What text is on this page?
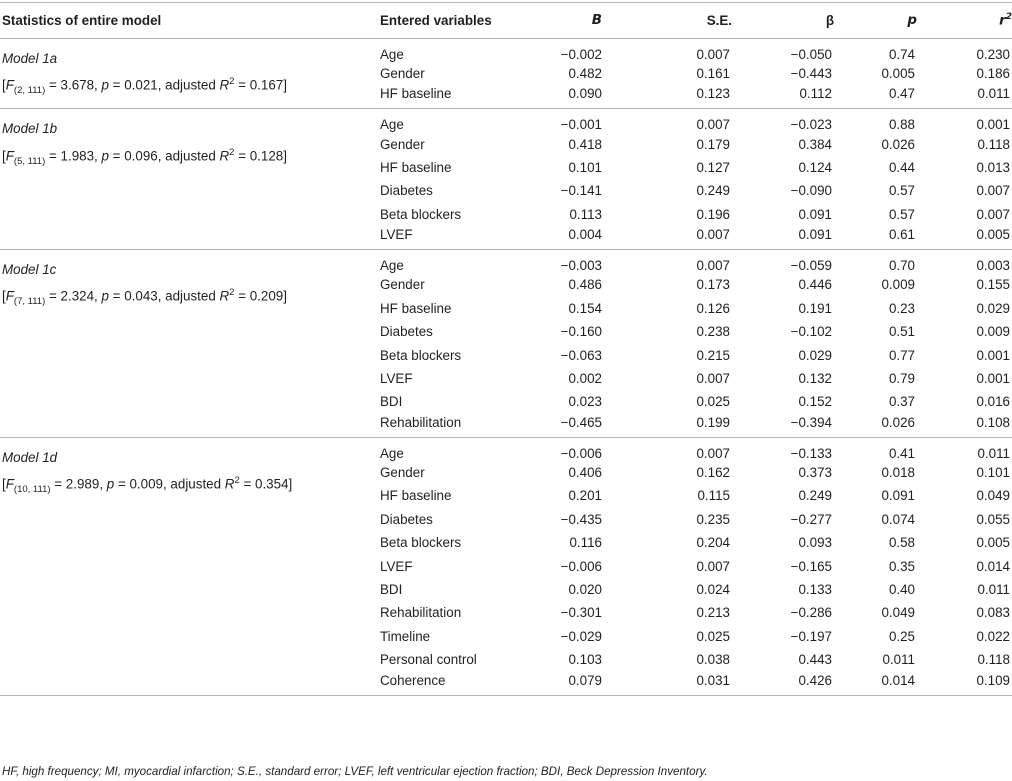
Statistics of entire model	Entered variables	B	S.E.	β	p	$r^2$

Model 1a
[$F_{(2, 111)} = 3.678$, p = 0.021, adjusted $R^2 = 0.167$]	Age	−0.002	0.007	−0.050	0.74	0.230
	Gender	0.482	0.161	−0.443	0.005	0.186
	HF baseline	0.090	0.123	0.112	0.47	0.011

Model 1b
[$F_{(5, 111)} = 1.983$, p = 0.096, adjusted $R^2 = 0.128$]	Age	−0.001	0.007	−0.023	0.88	0.001
	Gender	0.418	0.179	0.384	0.026	0.118
	HF baseline	0.101	0.127	0.124	0.44	0.013
	Diabetes	−0.141	0.249	−0.090	0.57	0.007
	Beta blockers	0.113	0.196	0.091	0.57	0.007
	LVEF	0.004	0.007	0.091	0.61	0.005

Model 1c
[$F_{(7, 111)} = 2.324$, p = 0.043, adjusted $R^2 = 0.209$]	Age	−0.003	0.007	−0.059	0.70	0.003
	Gender	0.486	0.173	0.446	0.009	0.155
	HF baseline	0.154	0.126	0.191	0.23	0.029
	Diabetes	−0.160	0.238	−0.102	0.51	0.009
	Beta blockers	−0.063	0.215	0.029	0.77	0.001
	LVEF	0.002	0.007	0.132	0.79	0.001
	BDI	0.023	0.025	0.152	0.37	0.016
	Rehabilitation	−0.465	0.199	−0.394	0.026	0.108

Model 1d
[$F_{(10, 111)} = 2.989$, p = 0.009, adjusted $R^2 = 0.354$]	Age	−0.006	0.007	−0.133	0.41	0.011
	Gender	0.406	0.162	0.373	0.018	0.101
	HF baseline	0.201	0.115	0.249	0.091	0.049
	Diabetes	−0.435	0.235	−0.277	0.074	0.055
	Beta blockers	0.116	0.204	0.093	0.58	0.005
	LVEF	−0.006	0.007	−0.165	0.35	0.014
	BDI	0.020	0.024	0.133	0.40	0.011
	Rehabilitation	−0.301	0.213	−0.286	0.049	0.083
	Timeline	−0.029	0.025	−0.197	0.25	0.022
	Personal control	0.103	0.038	0.443	0.011	0.118
	Coherence	0.079	0.031	0.426	0.014	0.109
HF, high frequency; MI, myocardial infarction; S.E., standard error; LVEF, left ventricular ejection fraction; BDI, Beck Depression Inventory.
